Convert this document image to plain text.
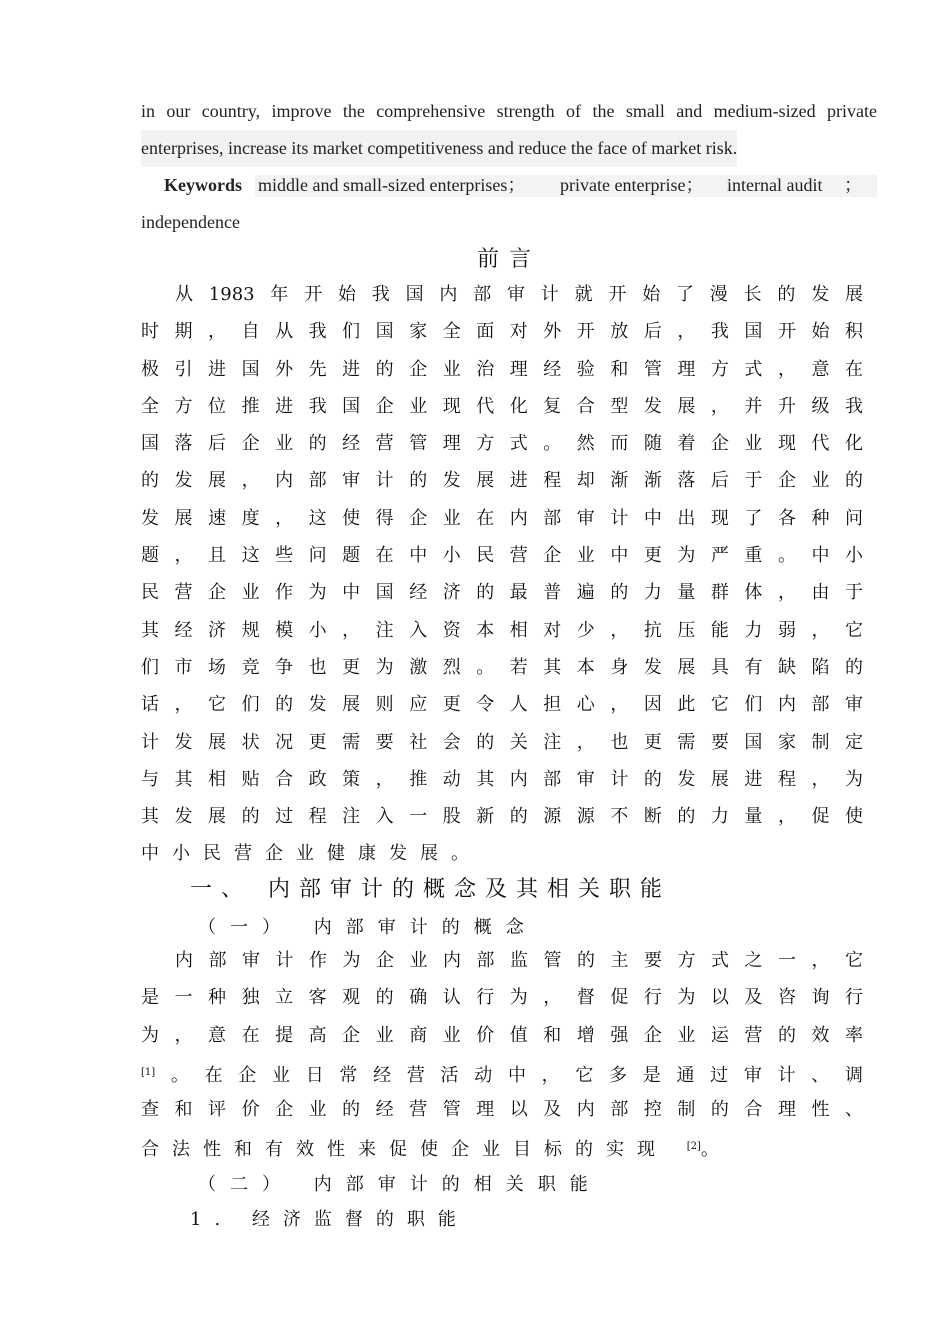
in our country, improve the comprehensive strength of the small and medium-sized private
enterprises, increase its market competitiveness and reduce the face of market risk.
Keywords middle and small-sized enterprises； private enterprise； internal audit ；
independence
前言
从1983年开始我国内部审计就开始了漫长的发展
时期，自从我们国家全面对外开放后，我国开始积
极引进国外先进的企业治理经验和管理方式，意在
全方位推进我国企业现代化复合型发展，并升级我
国落后企业的经营管理方式。然而随着企业现代化
的发展，内部审计的发展进程却渐渐落后于企业的
发展速度，这使得企业在内部审计中出现了各种问
题，且这些问题在中小民营企业中更为严重。中小
民营企业作为中国经济的最普遍的力量群体，由于
其经济规模小，注入资本相对少，抗压能力弱，它
们市场竞争也更为激烈。若其本身发展具有缺陷的
话，它们的发展则应更令人担心，因此它们内部审
计发展状况更需要社会的关注，也更需要国家制定
与其相贴合政策，推动其内部审计的发展进程，为
其发展的过程注入一股新的源源不断的力量，促使
中小民营企业健康发展。
一、 内部审计的概念及其相关职能
（一） 内部审计的概念
内部审计作为企业内部监管的主要方式之一，它
是一种独立客观的确认行为，督促行为以及咨询行
为，意在提高企业商业价值和增强企业运营的效率
[1]。在企业日常经营活动中，它多是通过审计、调
查和评价企业的经营管理以及内部控制的合理性、
合法性和有效性来促使企业目标的实现 [2]。
（二） 内部审计的相关职能
1. 经济监督的职能
